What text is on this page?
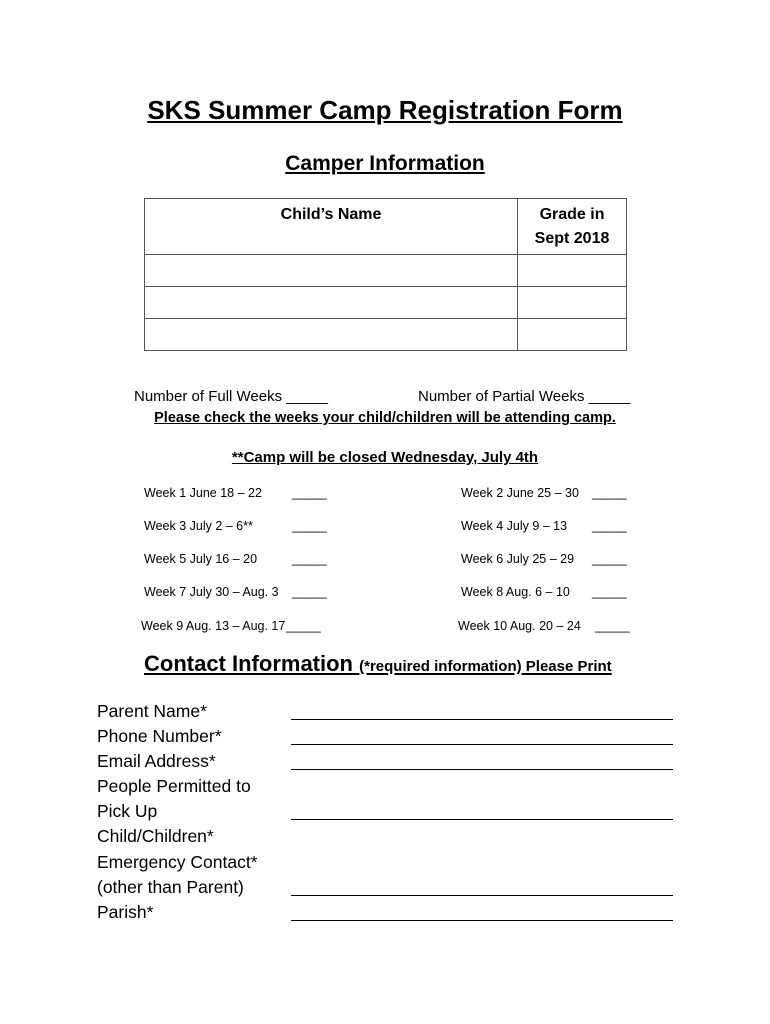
SKS Summer Camp Registration Form
Camper Information
Child’s Name	Grade in Sept 2018

Number of Full Weeks _____	Number of Partial Weeks _____
Please check the weeks your child/children will be attending camp.
**Camp will be closed Wednesday, July 4th
Week 1 June 18 – 22 _____	Week 2 June 25 – 30 _____
Week 3 July 2 – 6**	_____	Week 4 July 9 – 13 _____
Week 5 July 16 – 20	_____	Week 6 July 25 – 29 _____
Week 7 July 30 – Aug. 3 _____	Week 8 Aug. 6 – 10 _____
Week 9 Aug. 13 – Aug. 17 _____	Week 10 Aug. 20 – 24 _____
Contact Information (*required information) Please Print
Parent Name*
Phone Number*
Email Address*
People Permitted to
Pick Up
Child/Children*
Emergency Contact*
(other than Parent)
Parish*
